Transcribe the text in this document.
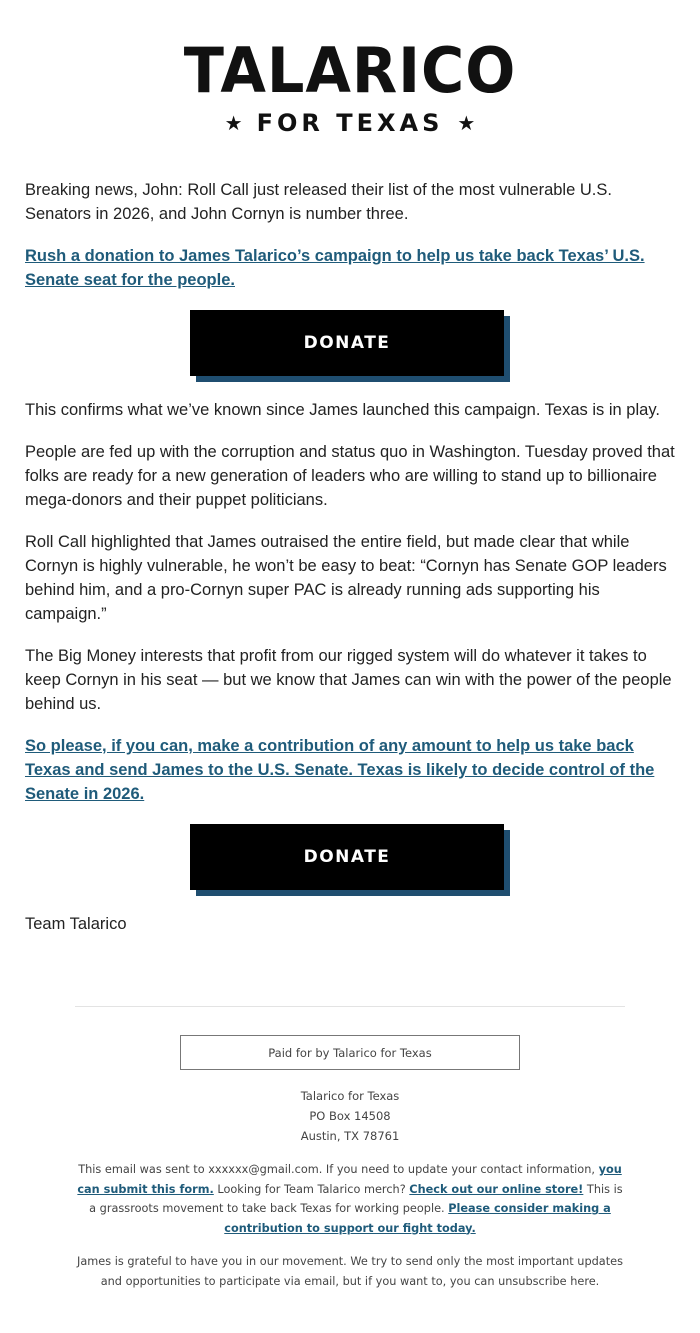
TALARICO
★ FOR TEXAS ★

Breaking news, John: Roll Call just released their list of the most vulnerable U.S. Senators in 2026, and John Cornyn is number three.

Rush a donation to James Talarico’s campaign to help us take back Texas’ U.S. Senate seat for the people.
DONATE

This confirms what we’ve known since James launched this campaign. Texas is in play.

People are fed up with the corruption and status quo in Washington. Tuesday proved that folks are ready for a new generation of leaders who are willing to stand up to billionaire mega-donors and their puppet politicians.

Roll Call highlighted that James outraised the entire field, but made clear that while Cornyn is highly vulnerable, he won’t be easy to beat: “Cornyn has Senate GOP leaders behind him, and a pro-Cornyn super PAC is already running ads supporting his campaign.”

The Big Money interests that profit from our rigged system will do whatever it takes to keep Cornyn in his seat — but we know that James can win with the power of the people behind us.

So please, if you can, make a contribution of any amount to help us take back Texas and send James to the U.S. Senate. Texas is likely to decide control of the Senate in 2026.
DONATE

Team Talarico

Paid for by Talarico for Texas
Talarico for Texas
PO Box 14508
Austin, TX 78761

This email was sent to xxxxxx@gmail.com. If you need to update your contact information, you can submit this form. Looking for Team Talarico merch? Check out our online store! This is a grassroots movement to take back Texas for working people. Please consider making a contribution to support our fight today.

James is grateful to have you in our movement. We try to send only the most important updates and opportunities to participate via email, but if you want to, you can unsubscribe here.
